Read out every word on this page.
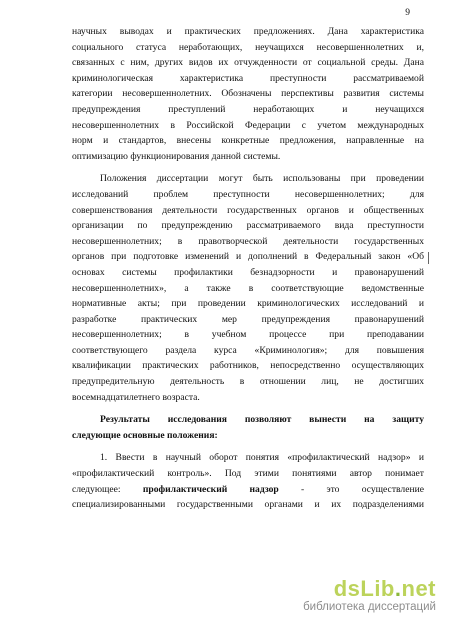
9
научных выводах и практических предложениях. Дана характеристика
социального статуса неработающих, неучащихся несовершеннолетних и,
связанных с ним, других видов их отчужденности от социальной среды. Дана
криминологическая характеристика преступности рассматриваемой
категории несовершеннолетних. Обозначены перспективы развития системы
предупреждения преступлений неработающих и неучащихся
несовершеннолетних в Российской Федерации с учетом международных
норм и стандартов, внесены конкретные предложения, направленные на
оптимизацию функционирования данной системы.
Положения диссертации могут быть использованы при проведении
исследований проблем преступности несовершеннолетних; для
совершенствования деятельности государственных органов и общественных
организации по предупреждению рассматриваемого вида преступности
несовершеннолетних; в правотворческой деятельности государственных
органов при подготовке изменений и дополнений в Федеральный закон «Об
основах системы профилактики безнадзорности и правонарушений
несовершеннолетних», а также в соответствующие ведомственные
нормативные акты; при проведении криминологических исследований и
разработке практических мер предупреждения правонарушений
несовершеннолетних; в учебном процессе при преподавании
соответствующего раздела курса «Криминология»; для повышения
квалификации практических работников, непосредственно осуществляющих
предупредительную деятельность в отношении лиц, не достигших
восемнадцатилетнего возраста.
Результаты исследования позволяют вынести на защиту
следующие основные положения:
1. Ввести в научный оборот понятия «профилактический надзор» и
«профилактический контроль». Под этими понятиями автор понимает
следующее: профилактический надзор - это осуществление
специализированными государственными органами и их подразделениями
dsLib.net
библиотека диссертаций
